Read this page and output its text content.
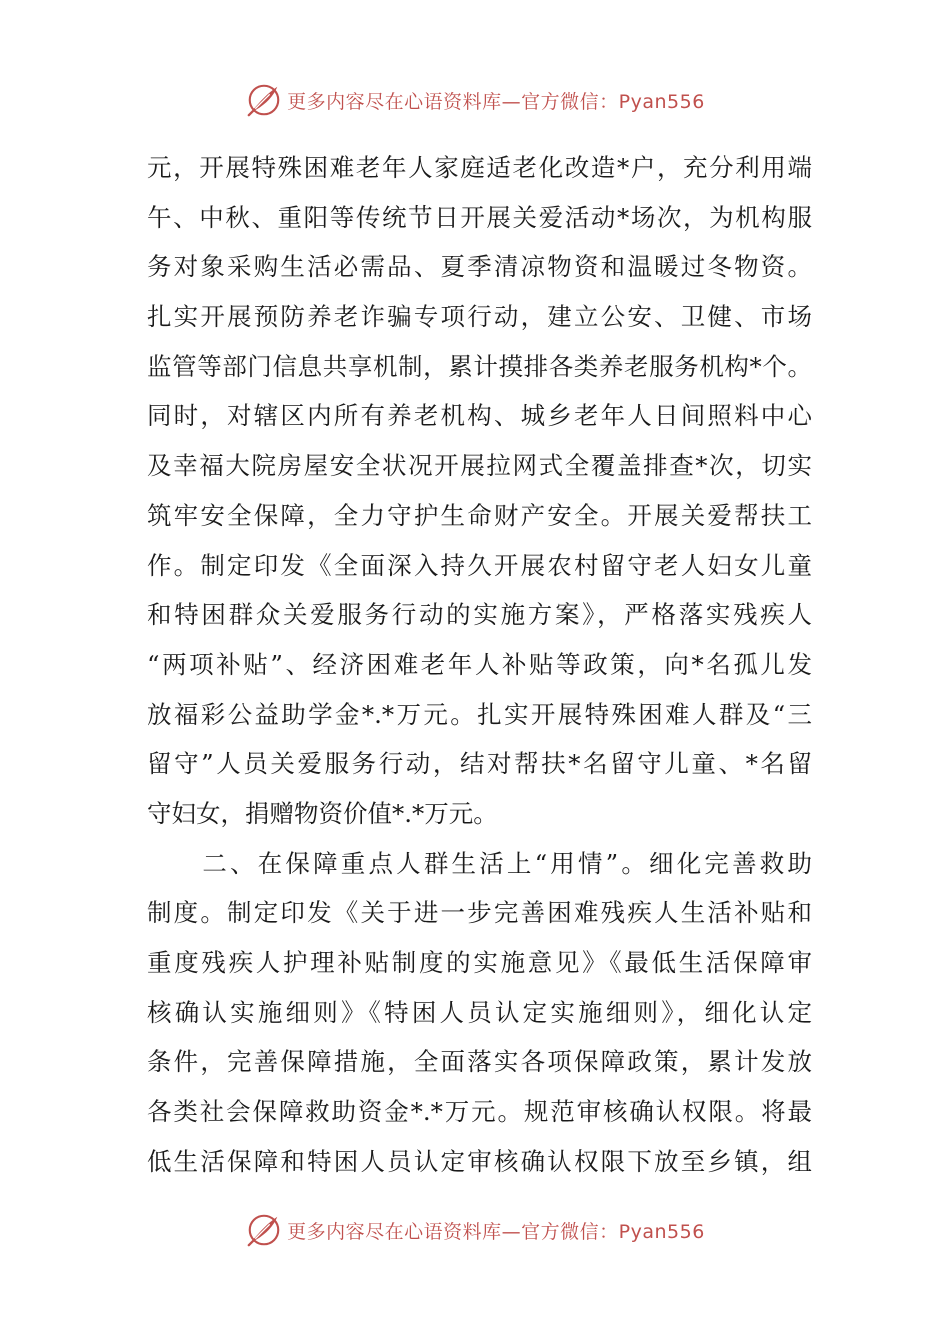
更多内容尽在心语资料库—官方微信：Pyan556
元，开展特殊困难老年人家庭适老化改造*户，充分利用端
午、中秋、重阳等传统节日开展关爱活动*场次，为机构服
务对象采购生活必需品、夏季清凉物资和温暖过冬物资。
扎实开展预防养老诈骗专项行动，建立公安、卫健、市场
监管等部门信息共享机制，累计摸排各类养老服务机构*个。
同时，对辖区内所有养老机构、城乡老年人日间照料中心
及幸福大院房屋安全状况开展拉网式全覆盖排查*次，切实
筑牢安全保障，全力守护生命财产安全。开展关爱帮扶工
作。制定印发《全面深入持久开展农村留守老人妇女儿童
和特困群众关爱服务行动的实施方案》，严格落实残疾人
“两项补贴”、经济困难老年人补贴等政策，向*名孤儿发
放福彩公益助学金*.*万元。扎实开展特殊困难人群及“三
留守”人员关爱服务行动，结对帮扶*名留守儿童、*名留
守妇女，捐赠物资价值*.*万元。
　　二、在保障重点人群生活上“用情”。细化完善救助
制度。制定印发《关于进一步完善困难残疾人生活补贴和
重度残疾人护理补贴制度的实施意见》《最低生活保障审
核确认实施细则》《特困人员认定实施细则》，细化认定
条件，完善保障措施，全面落实各项保障政策，累计发放
各类社会保障救助资金*.*万元。规范审核确认权限。将最
低生活保障和特困人员认定审核确认权限下放至乡镇，组
更多内容尽在心语资料库—官方微信：Pyan556
